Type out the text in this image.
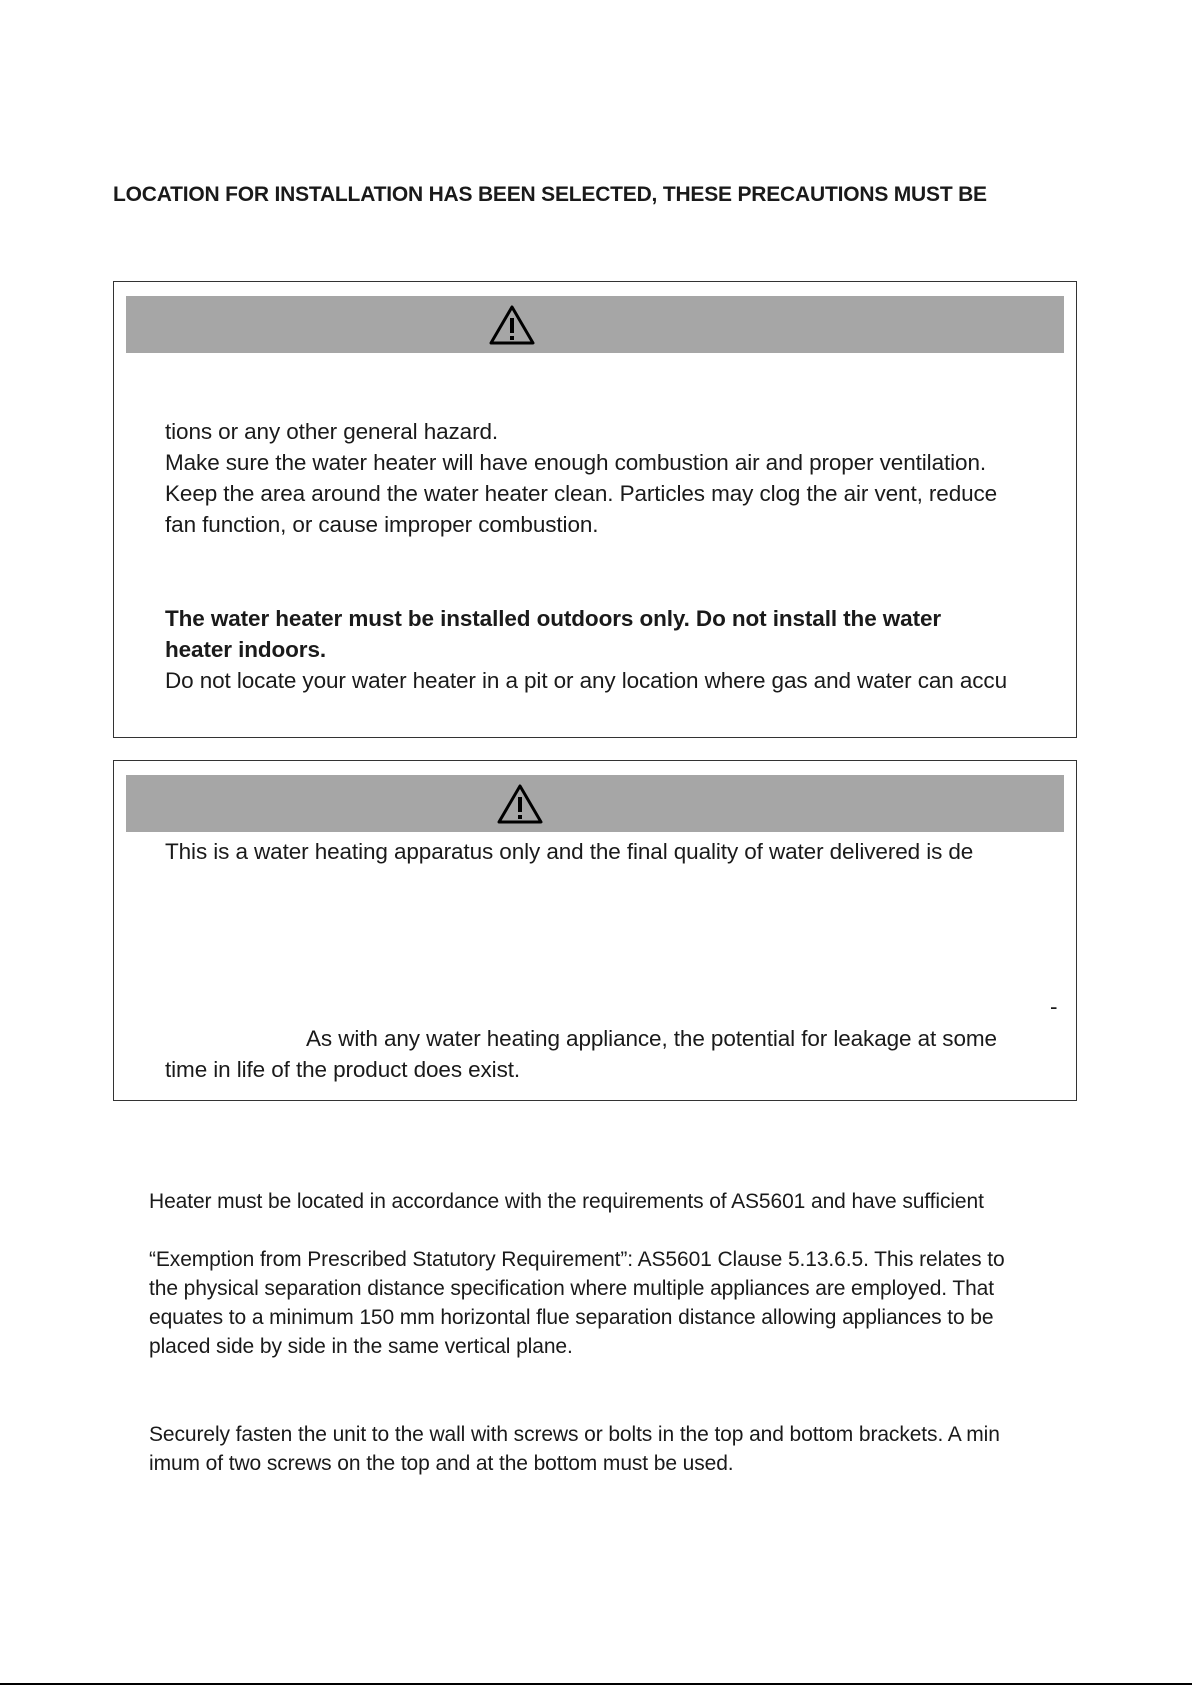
LOCATION FOR INSTALLATION HAS BEEN SELECTED, THESE PRECAUTIONS MUST BE
tions or any other general hazard.
Make sure the water heater will have enough combustion air and proper ventilation.
Keep the area around the water heater clean. Particles may clog the air vent, reduce
fan function, or cause improper combustion.
The water heater must be installed outdoors only. Do not install the water
heater indoors.
Do not locate your water heater in a pit or any location where gas and water can accu
This is a water heating apparatus only and the final quality of water delivered is de
-
As with any water heating appliance, the potential for leakage at some
time in life of the product does exist.
Heater must be located in accordance with the requirements of AS5601 and have sufficient
“Exemption from Prescribed Statutory Requirement”: AS5601 Clause 5.13.6.5. This relates to
the physical separation distance specification where multiple appliances are employed. That
equates to a minimum 150 mm horizontal flue separation distance allowing appliances to be
placed side by side in the same vertical plane.
Securely fasten the unit to the wall with screws or bolts in the top and bottom brackets. A min
imum of two screws on the top and at the bottom must be used.
